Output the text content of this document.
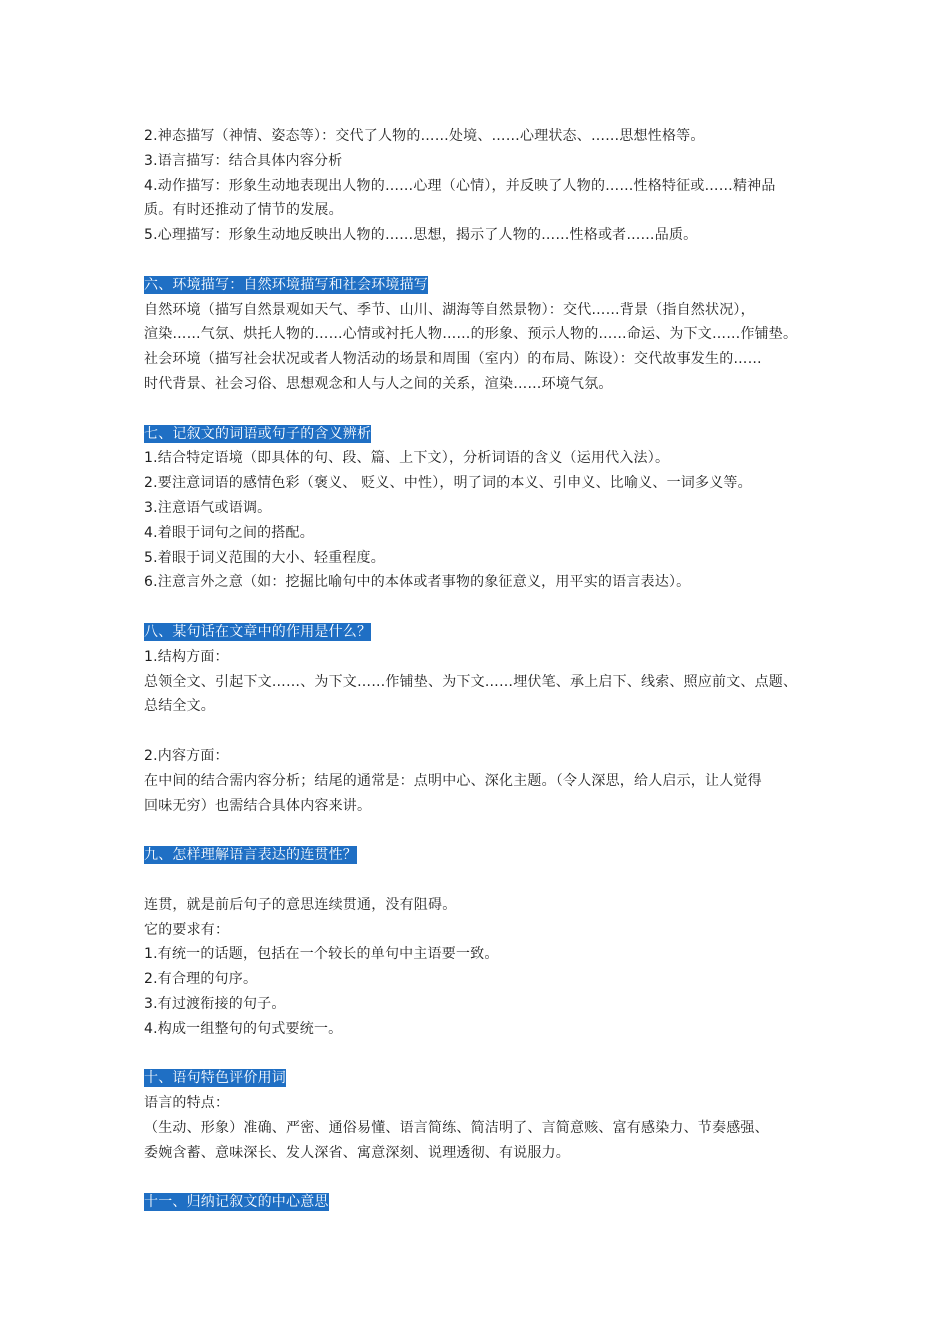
2.神态描写（神情、姿态等）：交代了人物的……处境、……心理状态、……思想性格等。
3.语言描写：结合具体内容分析
4.动作描写：形象生动地表现出人物的……心理（心情），并反映了人物的……性格特征或……精神品
质。有时还推动了情节的发展。
5.心理描写：形象生动地反映出人物的……思想，揭示了人物的……性格或者……品质。
六、环境描写：自然环境描写和社会环境描写
自然环境（描写自然景观如天气、季节、山川、湖海等自然景物）：交代……背景（指自然状况），
渲染……气氛、烘托人物的……心情或衬托人物……的形象、预示人物的……命运、为下文……作铺垫。
社会环境（描写社会状况或者人物活动的场景和周围（室内）的布局、陈设）：交代故事发生的……
时代背景、社会习俗、思想观念和人与人之间的关系，渲染……环境气氛。
七、记叙文的词语或句子的含义辨析
1.结合特定语境（即具体的句、段、篇、上下文），分析词语的含义（运用代入法）。
2.要注意词语的感情色彩（褒义、 贬义、中性），明了词的本义、引申义、比喻义、一词多义等。
3.注意语气或语调。
4.着眼于词句之间的搭配。
5.着眼于词义范围的大小、轻重程度。
6.注意言外之意（如：挖掘比喻句中的本体或者事物的象征意义，用平实的语言表达）。
八、某句话在文章中的作用是什么？
1.结构方面：
总领全文、引起下文……、为下文……作铺垫、为下文……埋伏笔、承上启下、线索、照应前文、点题、
总结全文。
2.内容方面：
在中间的结合需内容分析；结尾的通常是：点明中心、深化主题。（令人深思，给人启示，让人觉得
回味无穷）也需结合具体内容来讲。
九、怎样理解语言表达的连贯性？
连贯，就是前后句子的意思连续贯通，没有阻碍。
它的要求有：
1.有统一的话题，包括在一个较长的单句中主语要一致。
2.有合理的句序。
3.有过渡衔接的句子。
4.构成一组整句的句式要统一。
十、语句特色评价用词
语言的特点：
（生动、形象）准确、严密、通俗易懂、语言简练、简洁明了、言简意赅、富有感染力、节奏感强、
委婉含蓄、意味深长、发人深省、寓意深刻、说理透彻、有说服力。
十一、归纳记叙文的中心意思
